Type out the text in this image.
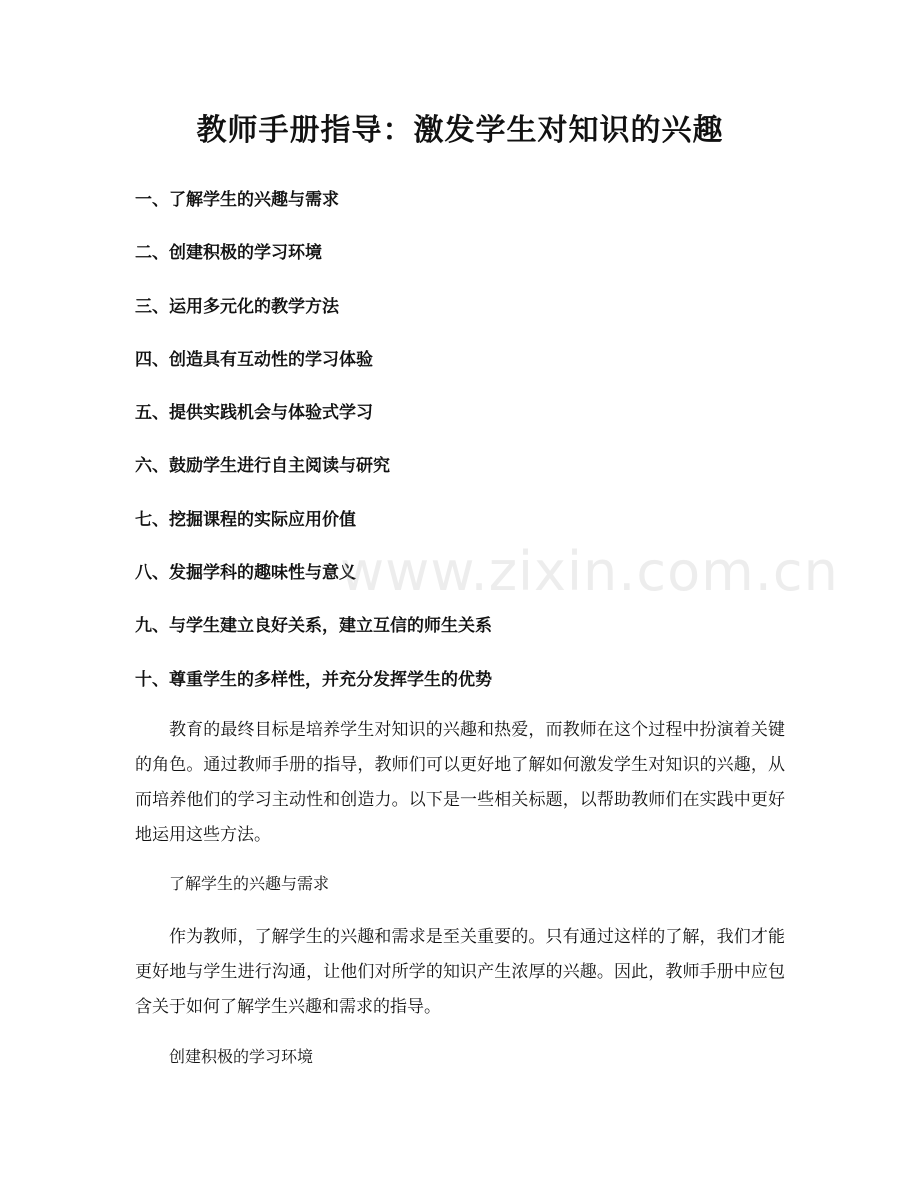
教师手册指导：激发学生对知识的兴趣
一、了解学生的兴趣与需求
二、创建积极的学习环境
三、运用多元化的教学方法
四、创造具有互动性的学习体验
五、提供实践机会与体验式学习
六、鼓励学生进行自主阅读与研究
七、挖掘课程的实际应用价值
八、发掘学科的趣味性与意义
九、与学生建立良好关系，建立互信的师生关系
十、尊重学生的多样性，并充分发挥学生的优势

教育的最终目标是培养学生对知识的兴趣和热爱，而教师在这个过程中扮演着关键的角色。通过教师手册的指导，教师们可以更好地了解如何激发学生对知识的兴趣，从而培养他们的学习主动性和创造力。以下是一些相关标题，以帮助教师们在实践中更好地运用这些方法。

了解学生的兴趣与需求

作为教师，了解学生的兴趣和需求是至关重要的。只有通过这样的了解，我们才能更好地与学生进行沟通，让他们对所学的知识产生浓厚的兴趣。因此，教师手册中应包含关于如何了解学生兴趣和需求的指导。

创建积极的学习环境

www.zixin.com.cn
